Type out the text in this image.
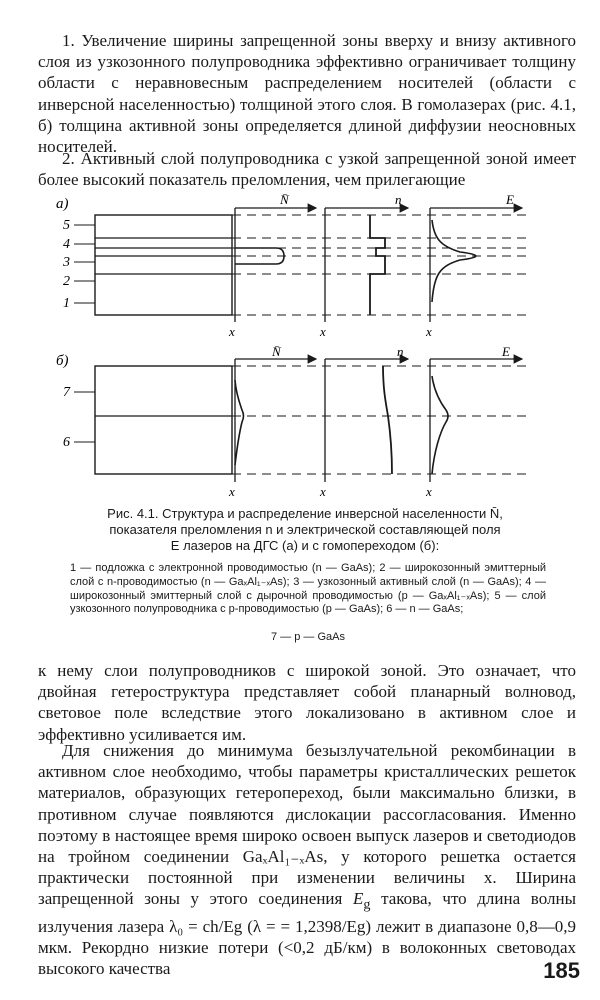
1. Увеличение ширины запрещенной зоны вверху и внизу активного слоя из узкозонного полупроводника эффективно ограничивает толщину области с неравновесным распределением носителей (области с инверсной населенностью) толщиной этого слоя. В гомолазерах (рис. 4.1, б) толщина активной зоны определяется длиной диффузии неосновных носителей.

2. Активный слой полупроводника с узкой запрещенной зоной имеет более высокий показатель преломления, чем прилегающие

а)
5
4
3
2
1
N̄
x
n
x
E
x
б)
7
6
N̄
x
n
x
E
x

Рис. 4.1. Структура и распределение инверсной населенности N̄,
показателя преломления n и электрической составляющей поля
E лазеров на ДГС (а) и с гомопереходом (б):

1 — подложка с электронной проводимостью (n — GaAs); 2 — широкозонный эмиттерный слой с n-проводимостью (n — GaₓAl₁₋ₓAs); 3 — узкозонный активный слой (n — GaAs); 4 — широкозонный эмиттерный слой с дырочной проводимостью (p — GaₓAl₁₋ₓAs); 5 — слой узкозонного полупроводника с p-проводимостью (p — GaAs); 6 — n — GaAs;

7 — p — GaAs

к нему слои полупроводников с широкой зоной. Это означает, что двойная гетероструктура представляет собой планарный волновод, световое поле вследствие этого локализовано в активном слое и эффективно усиливается им.

Для снижения до минимума безызлучательной рекомбинации в активном слое необходимо, чтобы параметры кристаллических решеток материалов, образующих гетеропереход, были максимально близки, в противном случае появляются дислокации рассогласования. Именно поэтому в настоящее время широко освоен выпуск лазеров и светодиодов на тройном соединении GaₓAl₁₋ₓAs, у которого решетка остается практически постоянной при изменении величины x. Ширина запрещенной зоны у этого соединения $E_g$ такова, что длина волны излучения лазера λ₀ = ch/Eg (λ = = 1,2398/Eg) лежит в диапазоне 0,8—0,9 мкм. Рекордно низкие потери (<0,2 дБ/км) в волоконных световодах высокого качества	185
